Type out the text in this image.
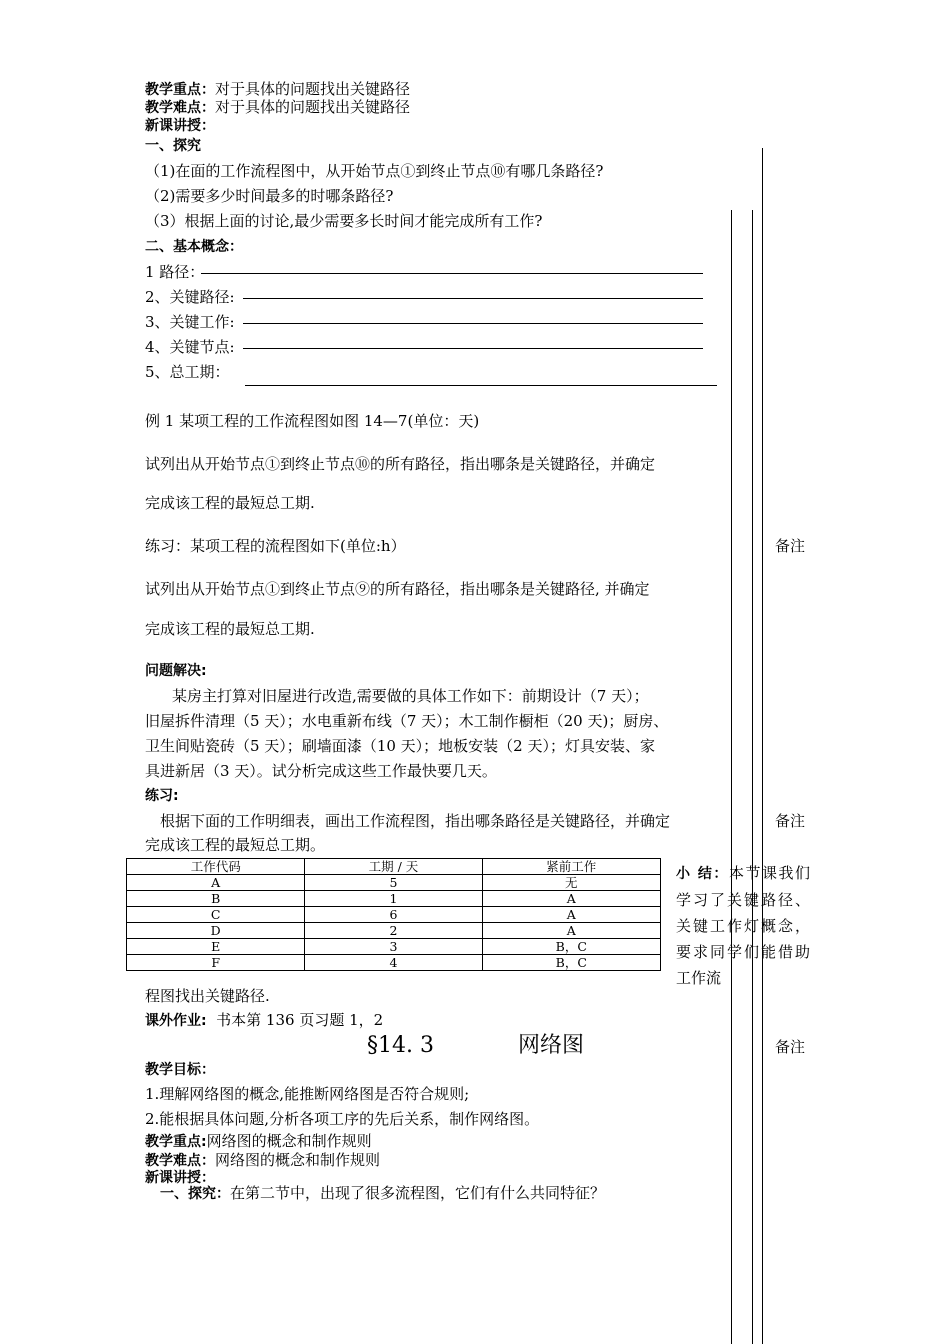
教学重点：对于具体的问题找出关键路径
教学难点：对于具体的问题找出关键路径
新课讲授：
一、探究
（1)在面的工作流程图中，从开始节点①到终止节点⑩有哪几条路径?
（2)需要多少时间最多的时哪条路径?
（3）根据上面的讨论,最少需要多长时间才能完成所有工作?
二、基本概念：
1 路径：
2、关键路径:
3、关键工作:
4、关键节点:
5、总工期：
例 1 某项工程的工作流程图如图 14—7(单位：天)
试列出从开始节点①到终止节点⑩的所有路径，指出哪条是关键路径，并确定
完成该工程的最短总工期.
练习：某项工程的流程图如下(单位:h）	备注
试列出从开始节点①到终止节点⑨的所有路径，指出哪条是关键路径, 并确定
完成该工程的最短总工期.
问题解决:
某房主打算对旧屋进行改造,需要做的具体工作如下：前期设计（7 天）；
旧屋拆件清理（5 天）；水电重新布线（7 天）；木工制作橱柜（20 天)；厨房、
卫生间贴瓷砖（5 天）；刷墙面漆（10 天）；地板安装（2 天）；灯具安装、家
具进新居（3 天）。试分析完成这些工作最快要几天。
练习:
根据下面的工作明细表，画出工作流程图，指出哪条路径是关键路径，并确定	备注
完成该工程的最短总工期。
工作代码	工期 / 天	紧前工作
A	5	无
B	1	A
C	6	A
D	2	A
E	3	B，C
F	4	B，C
小 结：本节课我们学习了关键路径、关键工作灯概念，要求同学们能借助工作流
程图找出关键路径.
课外作业: 书本第 136 页习题 1，2
§14. 3	网络图	备注
教学目标：
1.理解网络图的概念,能推断网络图是否符合规则;
2.能根据具体问题,分析各项工序的先后关系，制作网络图。
教学重点:网络图的概念和制作规则
教学难点：网络图的概念和制作规则
新课讲授：
一、探究：在第二节中，出现了很多流程图，它们有什么共同特征？
